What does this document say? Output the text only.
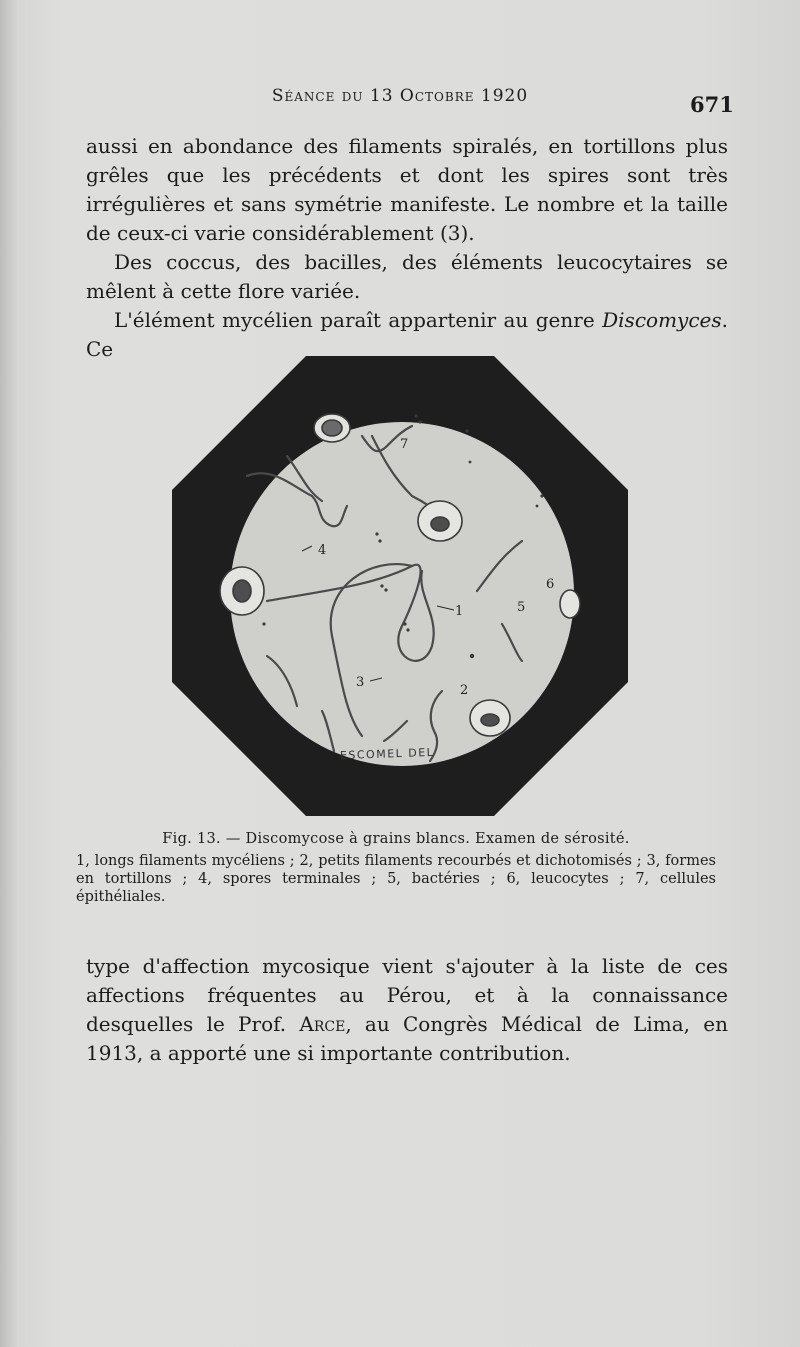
Séance du 13 Octobre 1920	671

aussi en abondance des filaments spiralés, en tortillons plus grêles que les précédents et dont les spires sont très irrégulières et sans symétrie manifeste. Le nombre et la taille de ceux-ci varie considérablement (3).

Des coccus, des bacilles, des éléments leucocytaires se mêlent à cette flore variée.

L'élément mycélien paraît appartenir au genre Discomyces. Ce

7
4
6
1	5
3
2
ESCOMEL DEL

Fig. 13. — Discomycose à grains blancs. Examen de sérosité.

1, longs filaments mycéliens ; 2, petits filaments recourbés et dichotomisés ; 3, formes en tortillons ; 4, spores terminales ; 5, bactéries ; 6, leucocytes ; 7, cellules épithéliales.

type d'affection mycosique vient s'ajouter à la liste de ces affections fréquentes au Pérou, et à la connaissance desquelles le Prof. Arce, au Congrès Médical de Lima, en 1913, a apporté une si importante contribution.
